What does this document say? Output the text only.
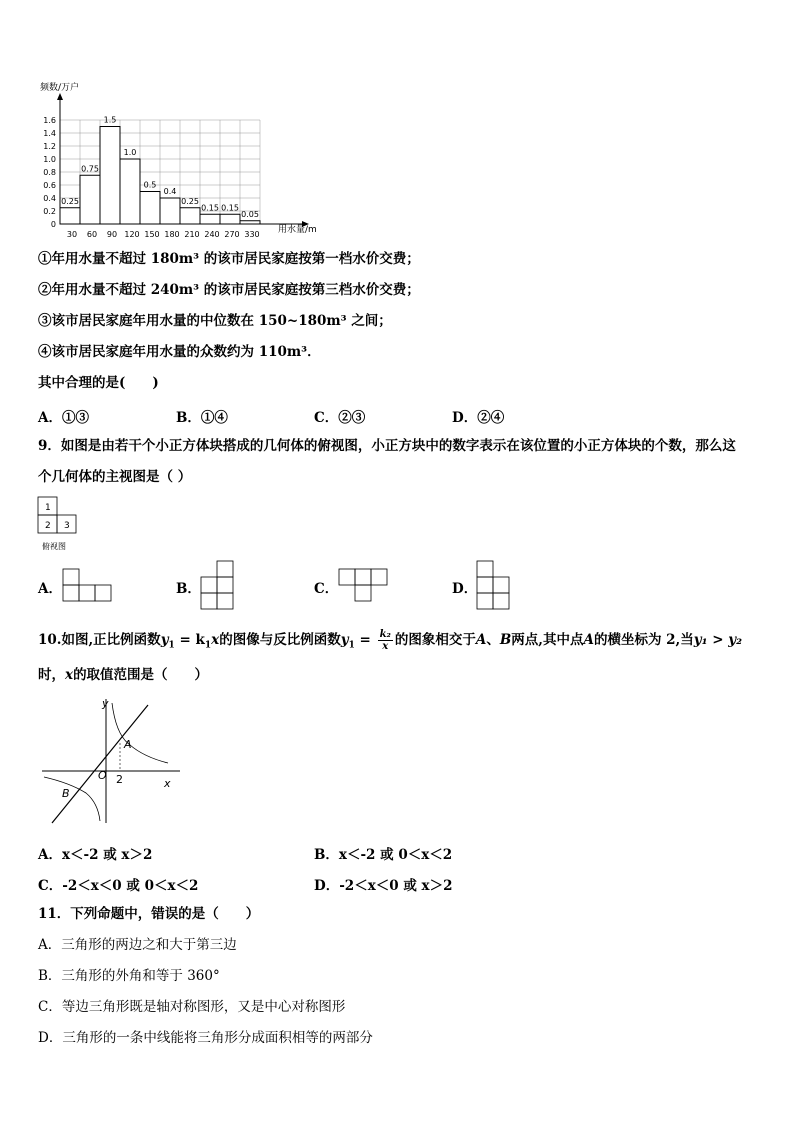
频数/万户
用水量/m
0.25
0.75
1.5
1.0
0.5
0.4
0.25
0.15 0.15
0.05
0
0.2
0.4
0.6
0.8
1.0
1.2
1.4
1.6
30 60 90 120 150 180 210 240 270 330
①年用水量不超过 180m³ 的该市居民家庭按第一档水价交费；
②年用水量不超过 240m³ 的该市居民家庭按第三档水价交费；
③该市居民家庭年用水量的中位数在 150~180m³ 之间；
④该市居民家庭年用水量的众数约为 110m³．
其中合理的是(　　)
A．①③	B．①④	C．②③	D．②④
9．如图是由若干个小正方体块搭成的几何体的俯视图，小正方块中的数字表示在该位置的小正方体块的个数，那么这
个几何体的主视图是（ ）
1
2 3
俯视图
A．	B．	C．	D．
10.如图,正比例函数$y_1 = k_1x$的图像与反比例函数$y_1 = \frac{\text{k₂}}{x}$ 的图象相交于A、B两点,其中点A的横坐标为 2,当y₁ > y₂
时，x的取值范围是（　　）
y
x
O
A
B
2
A．x＜-2 或 x＞2	B．x＜-2 或 0＜x＜2
C．-2＜x＜0 或 0＜x＜2	D．-2＜x＜0 或 x＞2
11．下列命题中，错误的是（　　）
A．三角形的两边之和大于第三边
B．三角形的外角和等于 360°
C．等边三角形既是轴对称图形，又是中心对称图形
D．三角形的一条中线能将三角形分成面积相等的两部分
